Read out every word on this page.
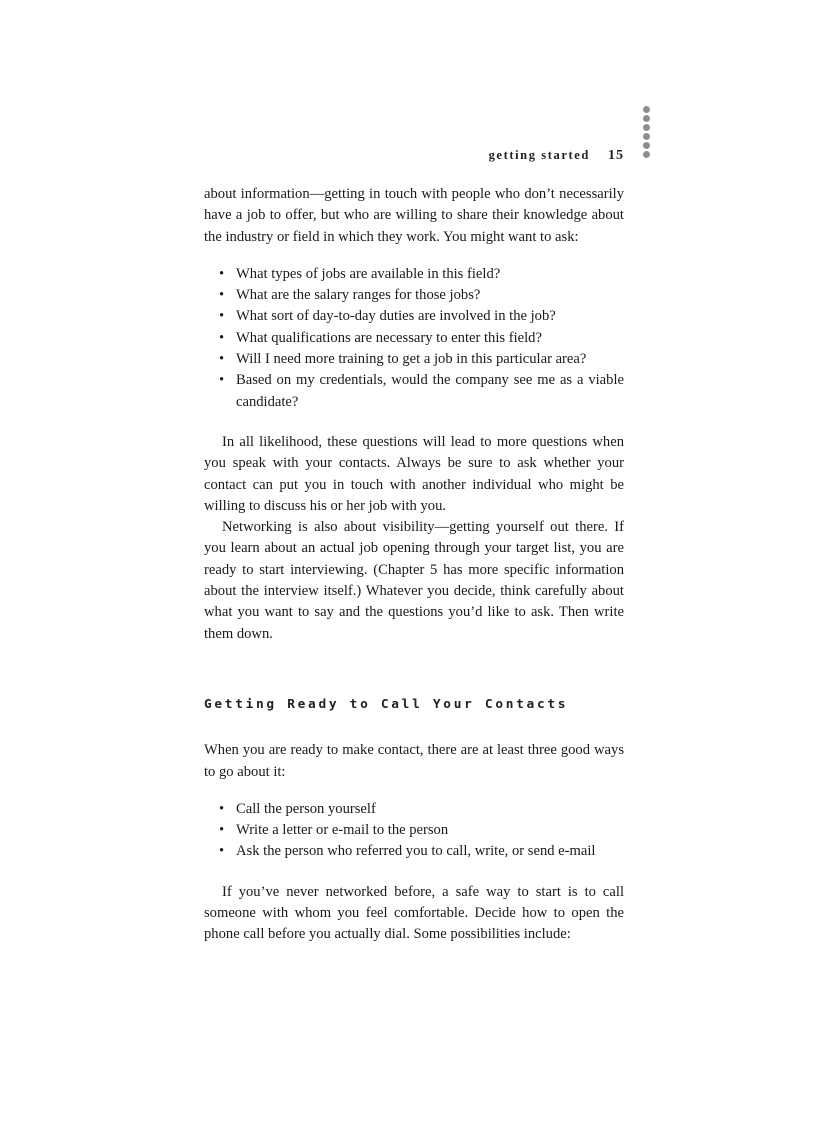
getting started 15

about information—getting in touch with people who don’t necessarily have a job to offer, but who are willing to share their knowledge about the industry or field in which they work. You might want to ask:

• What types of jobs are available in this field?
• What are the salary ranges for those jobs?
• What sort of day-to-day duties are involved in the job?
• What qualifications are necessary to enter this field?
• Will I need more training to get a job in this particular area?
• Based on my credentials, would the company see me as a viable candidate?

In all likelihood, these questions will lead to more questions when you speak with your contacts. Always be sure to ask whether your contact can put you in touch with another individual who might be willing to discuss his or her job with you.

Networking is also about visibility—getting yourself out there. If you learn about an actual job opening through your target list, you are ready to start interviewing. (Chapter 5 has more specific information about the interview itself.) Whatever you decide, think carefully about what you want to say and the questions you’d like to ask. Then write them down.

Getting Ready to Call Your Contacts

When you are ready to make contact, there are at least three good ways to go about it:

• Call the person yourself
• Write a letter or e-mail to the person
• Ask the person who referred you to call, write, or send e-mail

If you’ve never networked before, a safe way to start is to call someone with whom you feel comfortable. Decide how to open the phone call before you actually dial. Some possibilities include:
